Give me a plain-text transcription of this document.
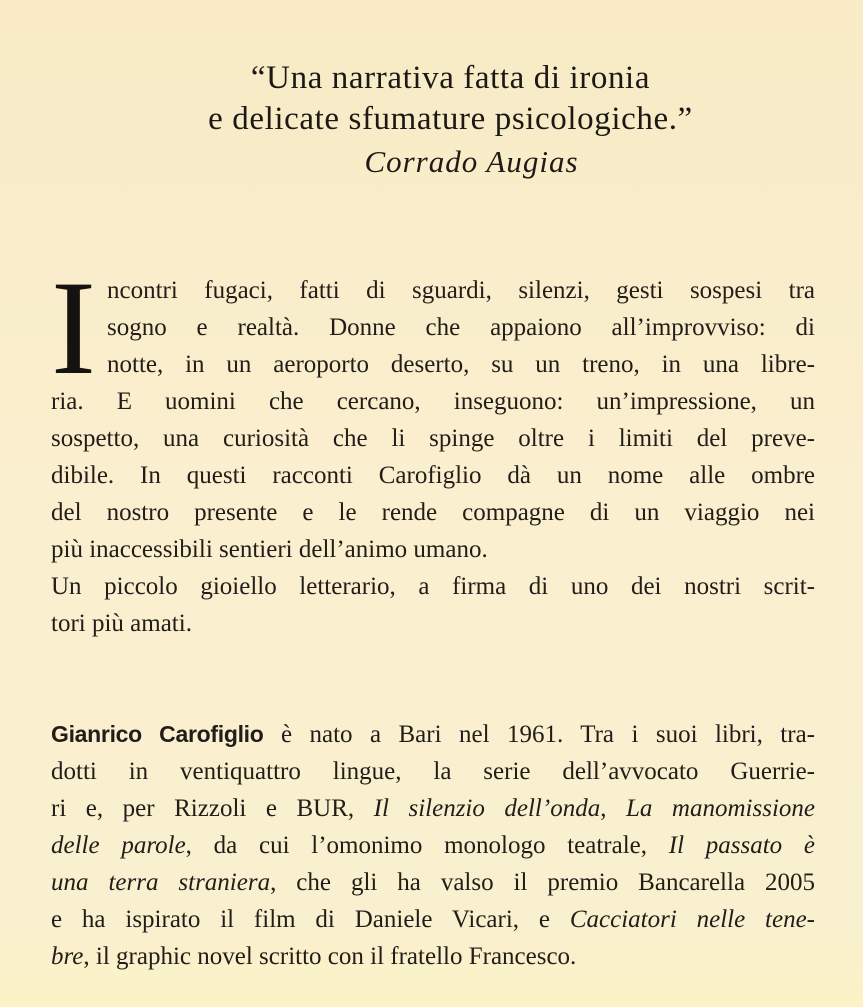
“Una narrativa fatta di ironia
e delicate sfumature psicologiche.”
Corrado Augias
I ncontri fugaci, fatti di sguardi, silenzi, gesti sospesi tra
sogno e realtà. Donne che appaiono all’improvviso: di
notte, in un aeroporto deserto, su un treno, in una libre-
ria. E uomini che cercano, inseguono: un’impressione, un
sospetto, una curiosità che li spinge oltre i limiti del preve-
dibile. In questi racconti Carofiglio dà un nome alle ombre
del nostro presente e le rende compagne di un viaggio nei
più inaccessibili sentieri dell’animo umano.
Un piccolo gioiello letterario, a firma di uno dei nostri scrit-
tori più amati.
Gianrico Carofiglio è nato a Bari nel 1961. Tra i suoi libri, tra-
dotti in ventiquattro lingue, la serie dell’avvocato Guerrie-
ri e, per Rizzoli e BUR, Il silenzio dell’onda, La manomissione
delle parole, da cui l’omonimo monologo teatrale, Il passato è
una terra straniera, che gli ha valso il premio Bancarella 2005
e ha ispirato il film di Daniele Vicari, e Cacciatori nelle tene-
bre, il graphic novel scritto con il fratello Francesco.
